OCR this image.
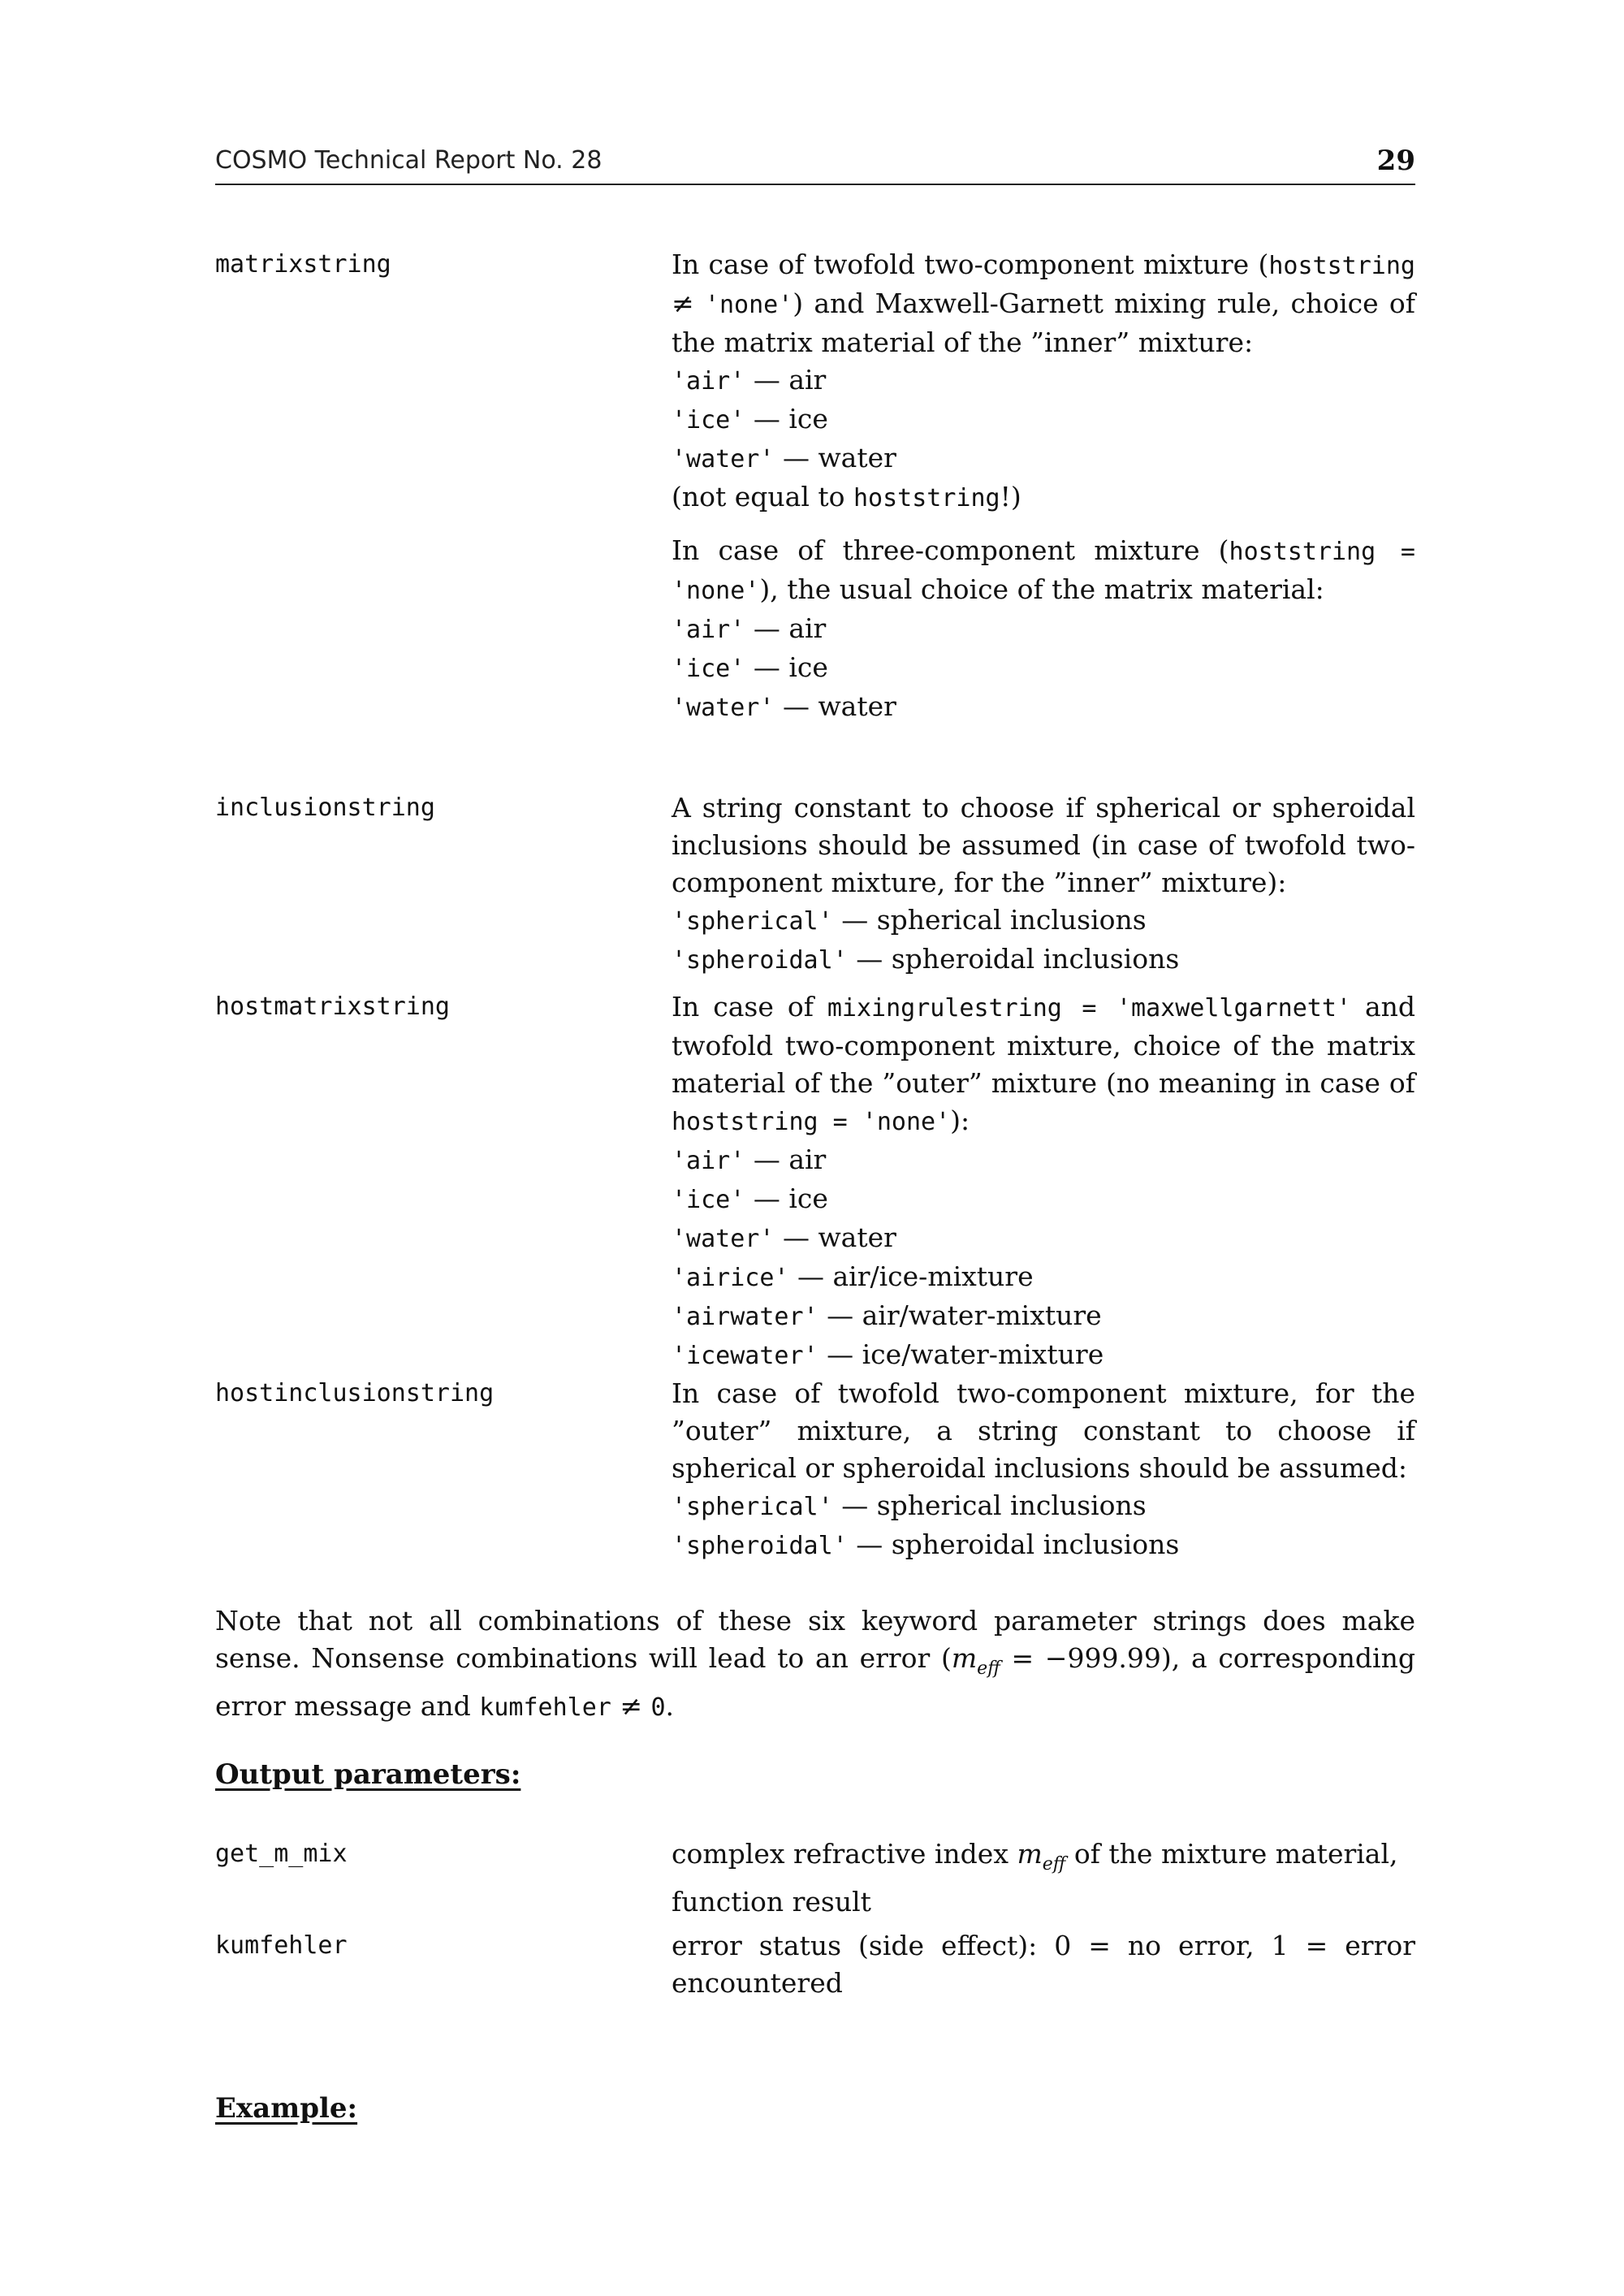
COSMO Technical Report No. 28	29
matrixstring	In case of twofold two-component mixture (hoststring ≠ 'none') and Maxwell-Garnett mixing rule, choice of the matrix material of the ”inner” mixture:

'air' — air
'ice' — ice
'water' — water
(not equal to hoststring!)

In case of three-component mixture (hoststring = 'none'), the usual choice of the matrix material:

'air' — air
'ice' — ice
'water' — water
inclusionstring	A string constant to choose if spherical or spheroidal inclusions should be assumed (in case of twofold two-component mixture, for the ”inner” mixture):

'spherical' — spherical inclusions
'spheroidal' — spheroidal inclusions
hostmatrixstring	In case of mixingrulestring = 'maxwellgarnett' and twofold two-component mixture, choice of the matrix material of the ”outer” mixture (no meaning in case of hoststring = 'none'):

'air' — air
'ice' — ice
'water' — water
'airice' — air/ice-mixture
'airwater' — air/water-mixture
'icewater' — ice/water-mixture
hostinclusionstring	In case of twofold two-component mixture, for the ”outer” mixture, a string constant to choose if spherical or spheroidal inclusions should be assumed:

'spherical' — spherical inclusions
'spheroidal' — spheroidal inclusions
Note that not all combinations of these six keyword parameter strings does make sense. Nonsense combinations will lead to an error $(m_{eff} = -999.99)$, a corresponding error message and kumfehler ≠ 0.
Output parameters:
get_m_mix	complex refractive index $m_{eff}$ of the mixture material, function result

kumfehler	error status (side effect): 0 = no error, 1 = error encountered

Example:
